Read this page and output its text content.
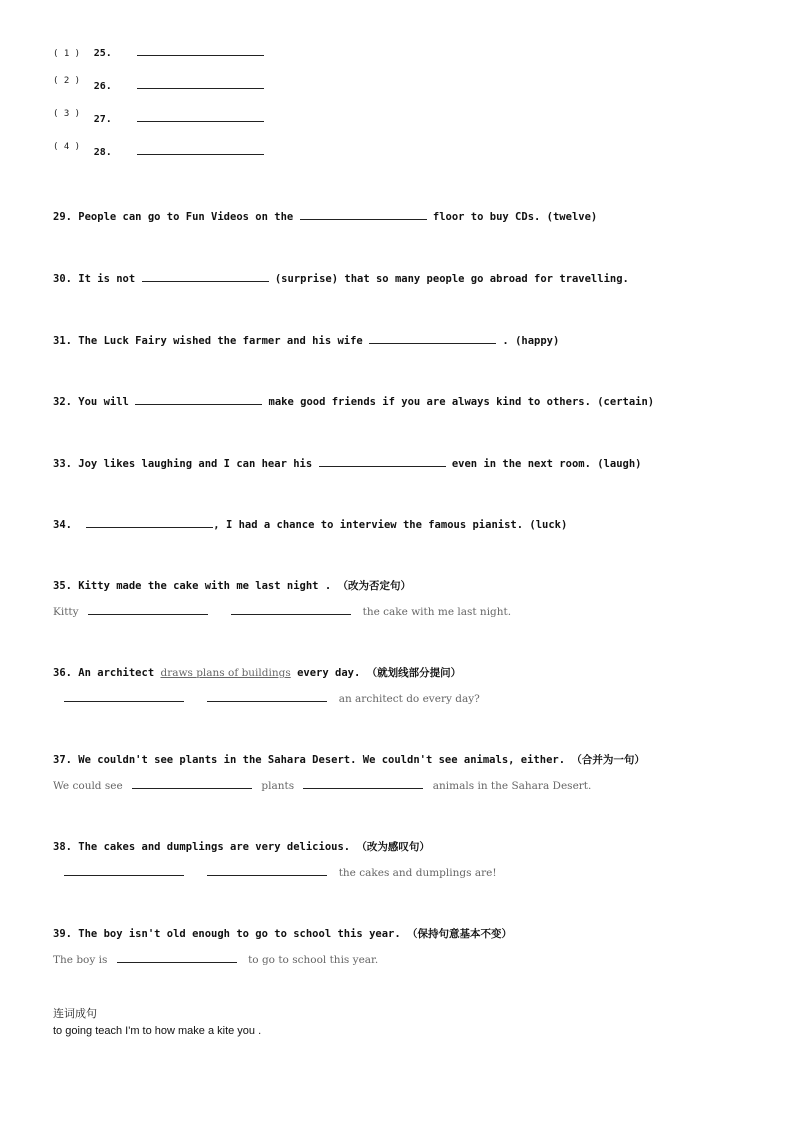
( 1 ) 25.
( 2 ) $_{26.}$
( 3 ) $_{27.}$
( 4 ) $_{28.}$
29. People can go to Fun Videos on the	floor to buy CDs. (twelve)
30. It is not	(surprise) that so many people go abroad for travelling.
31. The Luck Fairy wished the farmer and his wife	. (happy)
32. You will	make good friends if you are always kind to others. (certain)
33. Joy likes laughing and I can hear his	even in the next room. (laugh)
34.	, I had a chance to interview the famous pianist. (luck)
35. Kitty made the cake with me last night . （改为否定句）
Kitty	the cake with me last night.
36. An architect draws plans of buildings every day. （就划线部分提问）
an architect do every day?
37. We couldn't see plants in the Sahara Desert. We couldn't see animals, either. （合并为一句）
We could see	plants	animals in the Sahara Desert.
38. The cakes and dumplings are very delicious. （改为感叹句）
the cakes and dumplings are!
39. The boy isn't old enough to go to school this year. （保持句意基本不变）
The boy is	to go to school this year.
连词成句
to going teach I'm to how make a kite you .
